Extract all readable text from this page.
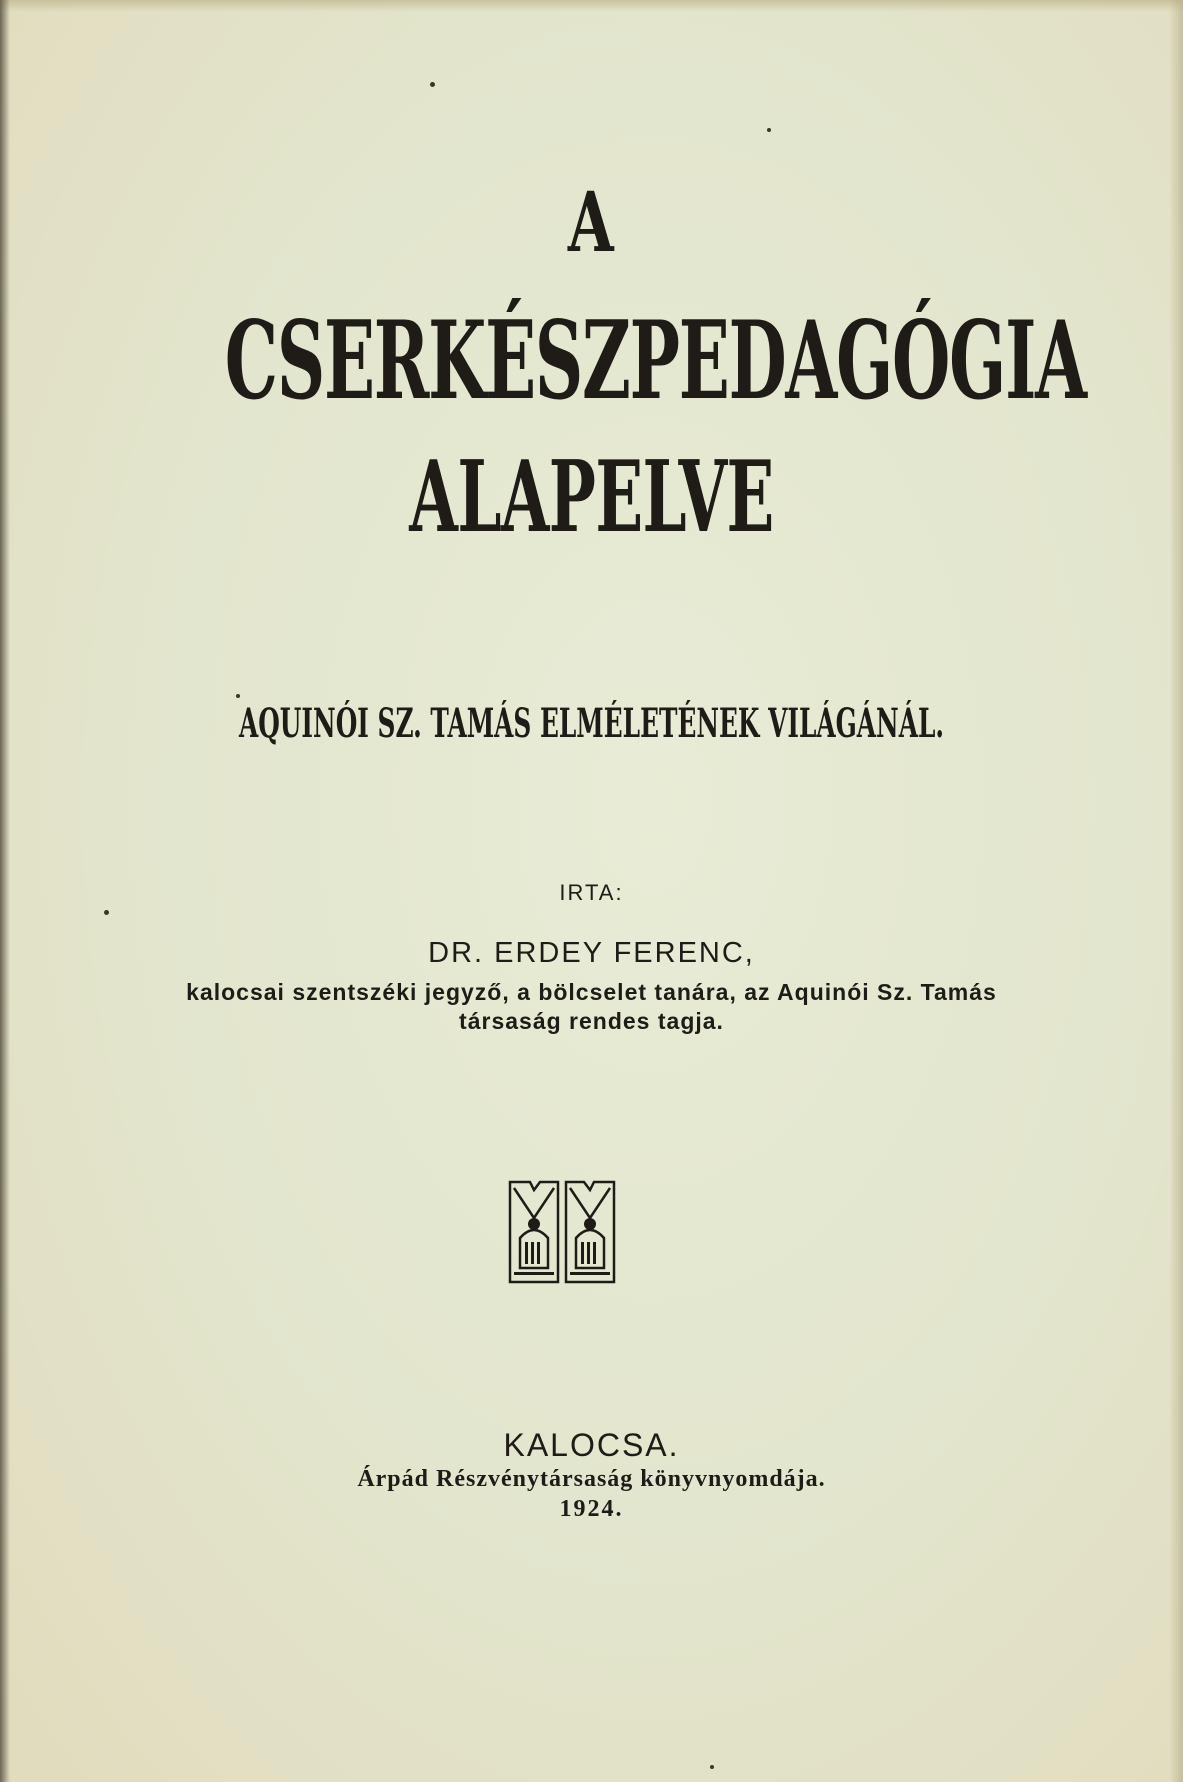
A
CSERKÉSZPEDAGÓGIA
ALAPELVE
AQUINÓI SZ. TAMÁS ELMÉLETÉNEK VILÁGÁNÁL.
IRTA:
DR. ERDEY FERENC,
kalocsai szentszéki jegyző, a bölcselet tanára, az Aquinói Sz. Tamás
társaság rendes tagja.
KALOCSA.
Árpád Részvénytársaság könyvnyomdája.
1924.
